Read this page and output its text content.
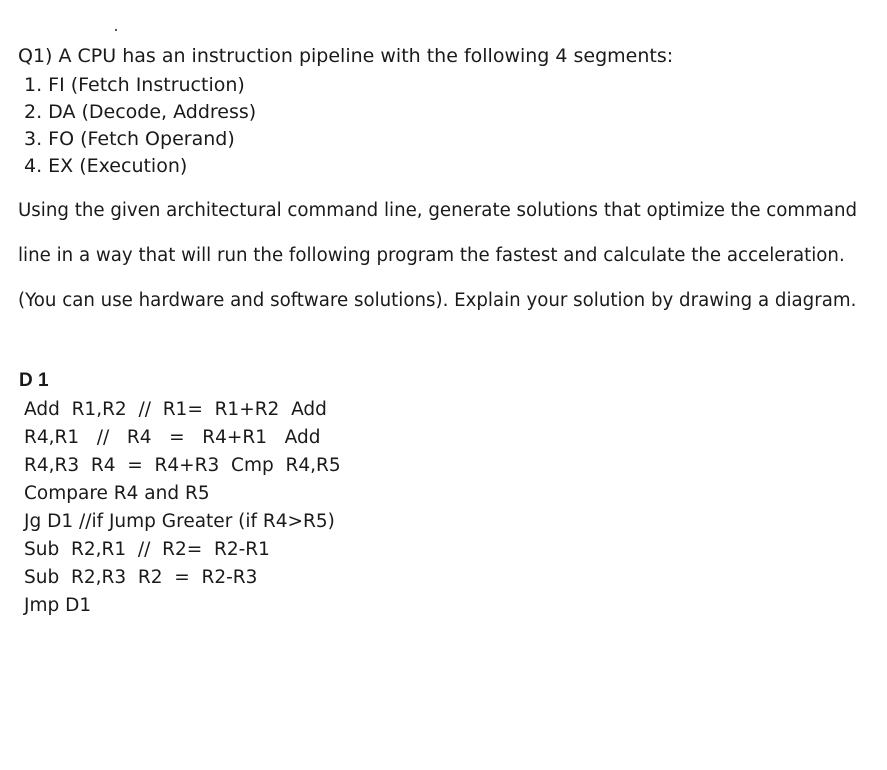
Q1) A CPU has an instruction pipeline with the following 4 segments:
1. FI (Fetch Instruction)
2. DA (Decode, Address)
3. FO (Fetch Operand)
4. EX (Execution)
Using the given architectural command line, generate solutions that optimize the command
line in a way that will run the following program the fastest and calculate the acceleration.
(You can use hardware and software solutions). Explain your solution by drawing a diagram.
D 1
Add  R1,R2  //  R1=  R1+R2  Add
R4,R1   //   R4   =   R4+R1   Add
R4,R3  R4  =  R4+R3  Cmp  R4,R5
Compare R4 and R5
Jg D1 //if Jump Greater (if R4>R5)
Sub  R2,R1  //  R2=  R2-R1
Sub  R2,R3  R2  =  R2-R3
Jmp D1
